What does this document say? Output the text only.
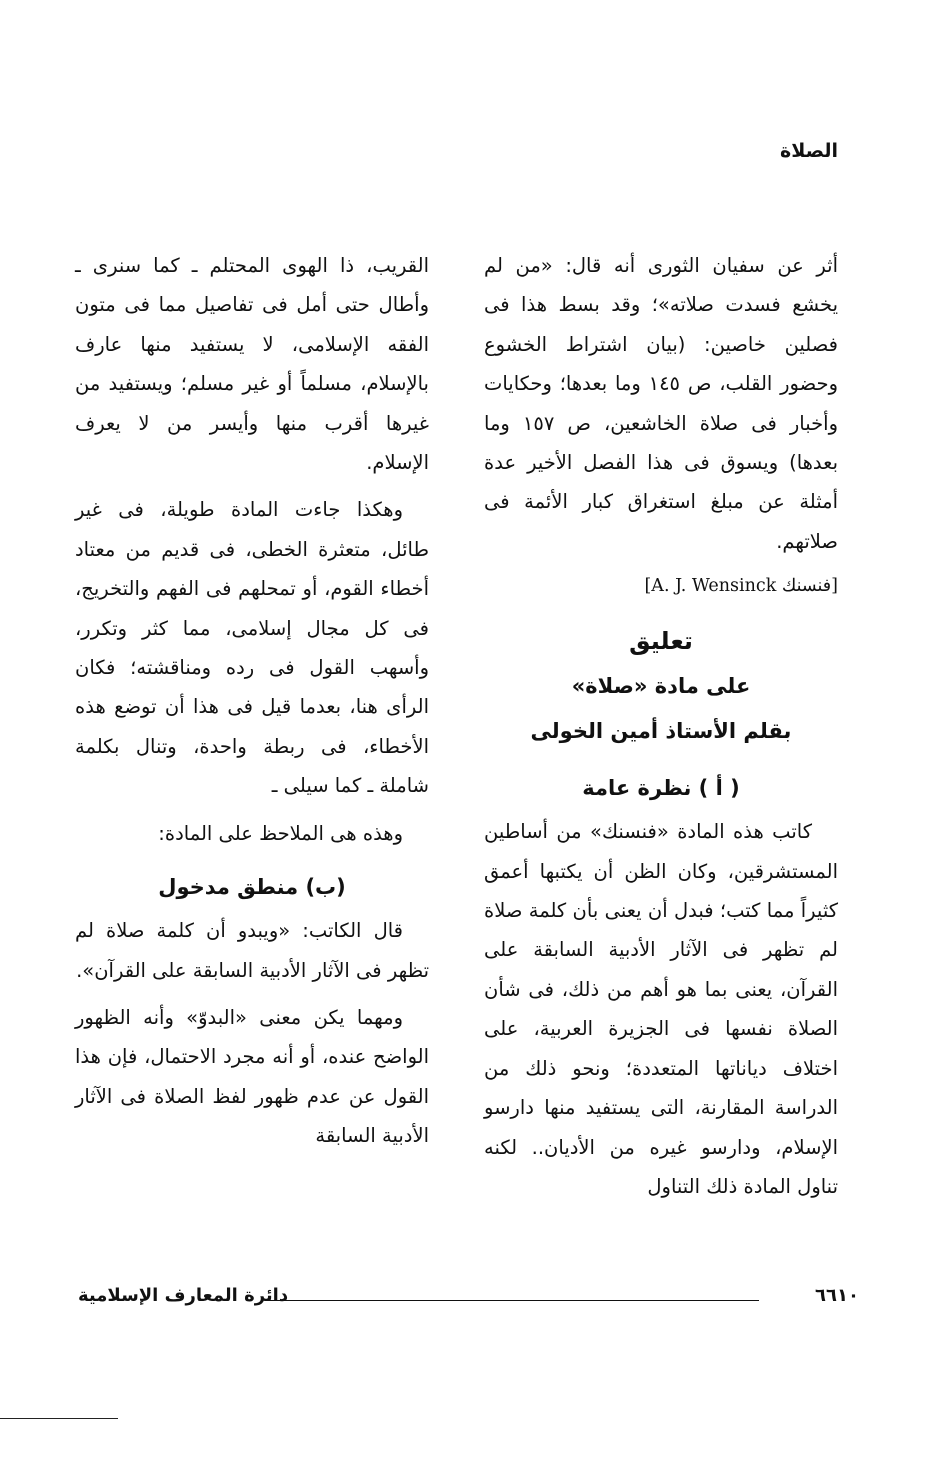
الصلاة

أثر عن سفيان الثورى أنه قال: «من لم يخشع فسدت صلاته»؛ وقد بسط هذا فى فصلين خاصين: (بيان اشتراط الخشوع وحضور القلب، ص ١٤٥ وما بعدها؛ وحكايات وأخبار فى صلاة الخاشعين، ص ١٥٧ وما بعدها) ويسوق فى هذا الفصل الأخير عدة أمثلة عن مبلغ استغراق كبار الأئمة فى صلاتهم.

[A. J. Wensinck فنسنك]
تعليق
على مادة «صلاة»
بقلم الأستاذ أمين الخولى
( أ ) نظرة عامة

كاتب هذه المادة «فنسنك» من أساطين المستشرقين، وكان الظن أن يكتبها أعمق كثيراً مما كتب؛ فبدل أن يعنى بأن كلمة صلاة لم تظهر فى الآثار الأدبية السابقة على القرآن، يعنى بما هو أهم من ذلك، فى شأن الصلاة نفسها فى الجزيرة العربية، على اختلاف دياناتها المتعددة؛ ونحو ذلك من الدراسة المقارنة، التى يستفيد منها دارسو الإسلام، ودارسو غيره من الأديان.. لكنه تناول المادة ذلك التناول

القريب، ذا الهوى المحتلم ـ كما سنرى ـ وأطال حتى أمل فى تفاصيل مما فى متون الفقه الإسلامى، لا يستفيد منها عارف بالإسلام، مسلماً أو غير مسلم؛ ويستفيد من غيرها أقرب منها وأيسر من لا يعرف الإسلام.

وهكذا جاءت المادة طويلة، فى غير طائل، متعثرة الخطى، فى قديم من معتاد أخطاء القوم، أو تمحلهم فى الفهم والتخريج، فى كل مجال إسلامى، مما كثر وتكرر، وأسهب القول فى رده ومناقشته؛ فكان الرأى هنا، بعدما قيل فى هذا أن توضع هذه الأخطاء، فى ربطة واحدة، وتنال بكلمة شاملة ـ كما سيلى ـ

وهذه هى الملاحظ على المادة:

(ب) منطق مدخول

قال الكاتب: «ويبدو أن كلمة صلاة لم تظهر فى الآثار الأدبية السابقة على القرآن».

ومهما يكن معنى «البدوّ» وأنه الظهور الواضح عنده، أو أنه مجرد الاحتمال، فإن هذا القول عن عدم ظهور لفظ الصلاة فى الآثار الأدبية السابقة

دائرة المعارف الإسلامية	٦٦١٠
